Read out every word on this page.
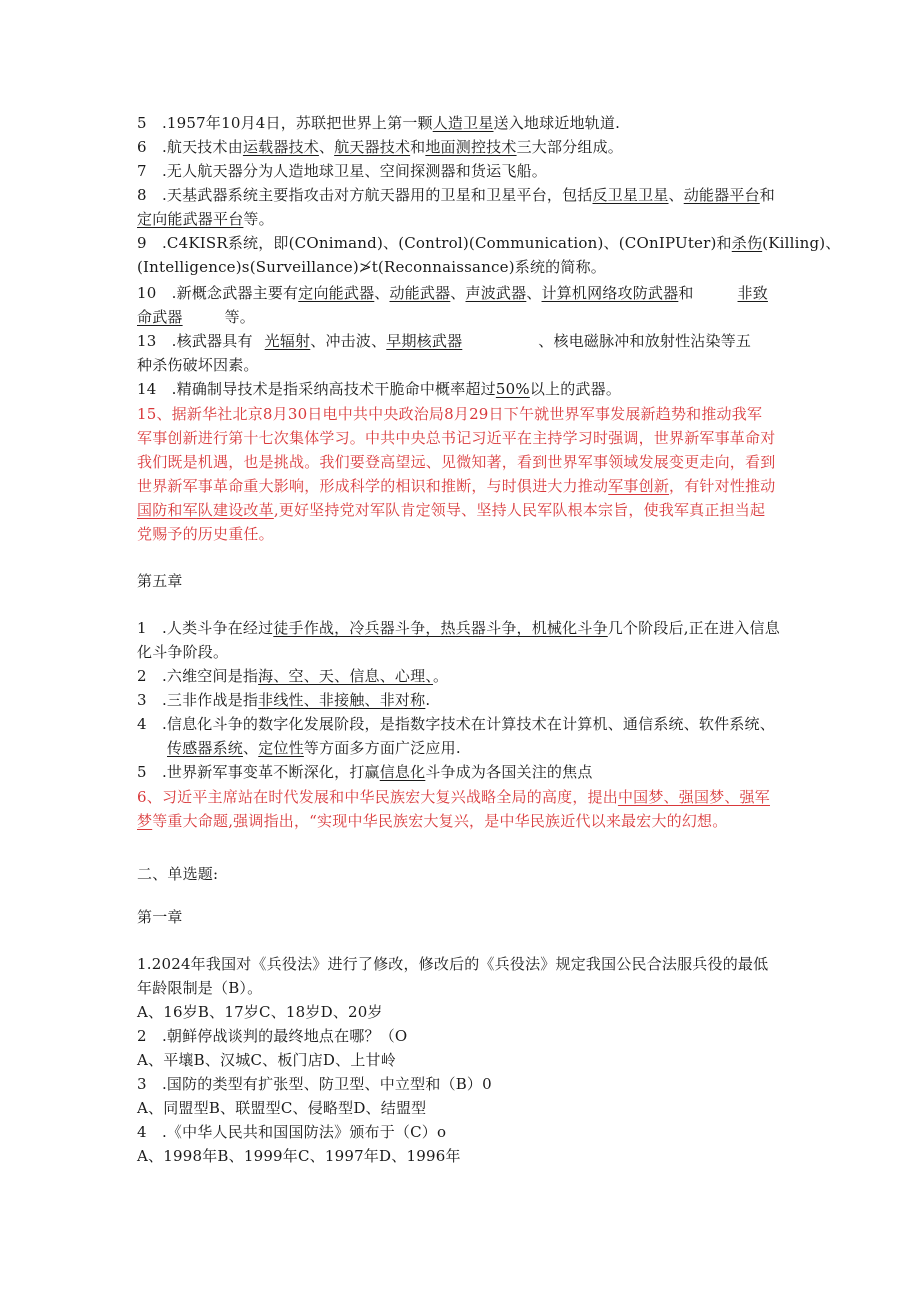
5　.1957年10月4日，苏联把世界上第一颗人造卫星送入地球近地轨道.
6　.航天技术由运载器技术、航天器技术和地面测控技术三大部分组成。
7　.无人航天器分为人造地球卫星、空间探测器和货运飞船。
8　.天基武器系统主要指攻击对方航天器用的卫星和卫星平台，包括反卫星卫星、动能器平台和
定向能武器平台等。
9　.C4KISR系统，即(COnimand)、(Control)(Communication)、(COnIPUter)和杀伤(Killing)、
(Intelligence)s(Surveillance)≯t(Reconnaissance)系统的简称。
10　.新概念武器主要有定向能武器、动能武器、声波武器、计算机网络攻防武器和	非致
命武器	等。
13　.核武器具有 光辐射、冲击波、早期核武器	、核电磁脉冲和放射性沾染等五
种杀伤破坏因素。
14　.精确制导技术是指采纳高技术干脆命中概率超过50%以上的武器。
15、据新华社北京8月30日电中共中央政治局8月29日下午就世界军事发展新趋势和推动我军
军事创新进行第十七次集体学习。中共中央总书记习近平在主持学习时强调，世界新军事革命对
我们既是机遇，也是挑战。我们要登高望远、见微知著，看到世界军事领域发展变更走向，看到
世界新军事革命重大影响，形成科学的相识和推断，与时俱进大力推动军事创新，有针对性推动
国防和军队建设改革,更好坚持党对军队肯定领导、坚持人民军队根本宗旨，使我军真正担当起
党赐予的历史重任。
第五章
1　.人类斗争在经过徒手作战，冷兵器斗争，热兵器斗争，机械化斗争几个阶段后,正在进入信息
化斗争阶段。
2　.六维空间是指海、空、天、信息、心理、。
3　.三非作战是指非线性、非接触、非对称.
4　.信息化斗争的数字化发展阶段，是指数字技术在计算技术在计算机、通信系统、软件系统、
传感器系统、定位性等方面多方面广泛应用.
5　.世界新军事变革不断深化，打赢信息化斗争成为各国关注的焦点
6、习近平主席站在时代发展和中华民族宏大复兴战略全局的高度，提出中国梦、强国梦、强军
梦等重大命题,强调指出，“实现中华民族宏大复兴，是中华民族近代以来最宏大的幻想。
二、单选题:
第一章
1.2024年我国对《兵役法》进行了修改，修改后的《兵役法》规定我国公民合法服兵役的最低
年龄限制是（B）。
A、16岁B、17岁C、18岁D、20岁
2　.朝鲜停战谈判的最终地点在哪？（O
A、平壤B、汉城C、板门店D、上甘岭
3　.国防的类型有扩张型、防卫型、中立型和（B）0
A、同盟型B、联盟型C、侵略型D、结盟型
4　.《中华人民共和国国防法》颁布于（C）o
A、1998年B、1999年C、1997年D、1996年
